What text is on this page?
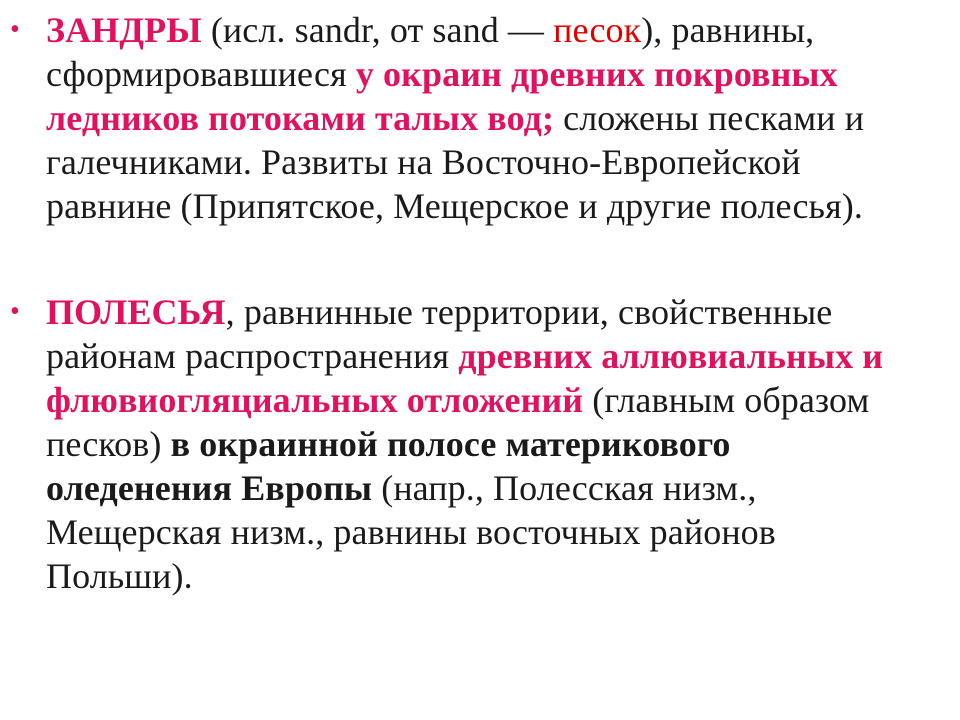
• ЗАНДРЫ (исл. sandr, от sand — песок), равнины, сформировавшиеся у окраин древних покровных ледников потоками талых вод; сложены песками и галечниками. Развиты на Восточно-Европейской равнине (Припятское, Мещерское и другие полесья).
• ПОЛЕСЬЯ, равнинные территории, свойственные районам распространения древних аллювиальных и флювиогляциальных отложений (главным образом песков) в окраинной полосе материкового оледенения Европы (напр., Полесская низм., Мещерская низм., равнины восточных районов Польши).
